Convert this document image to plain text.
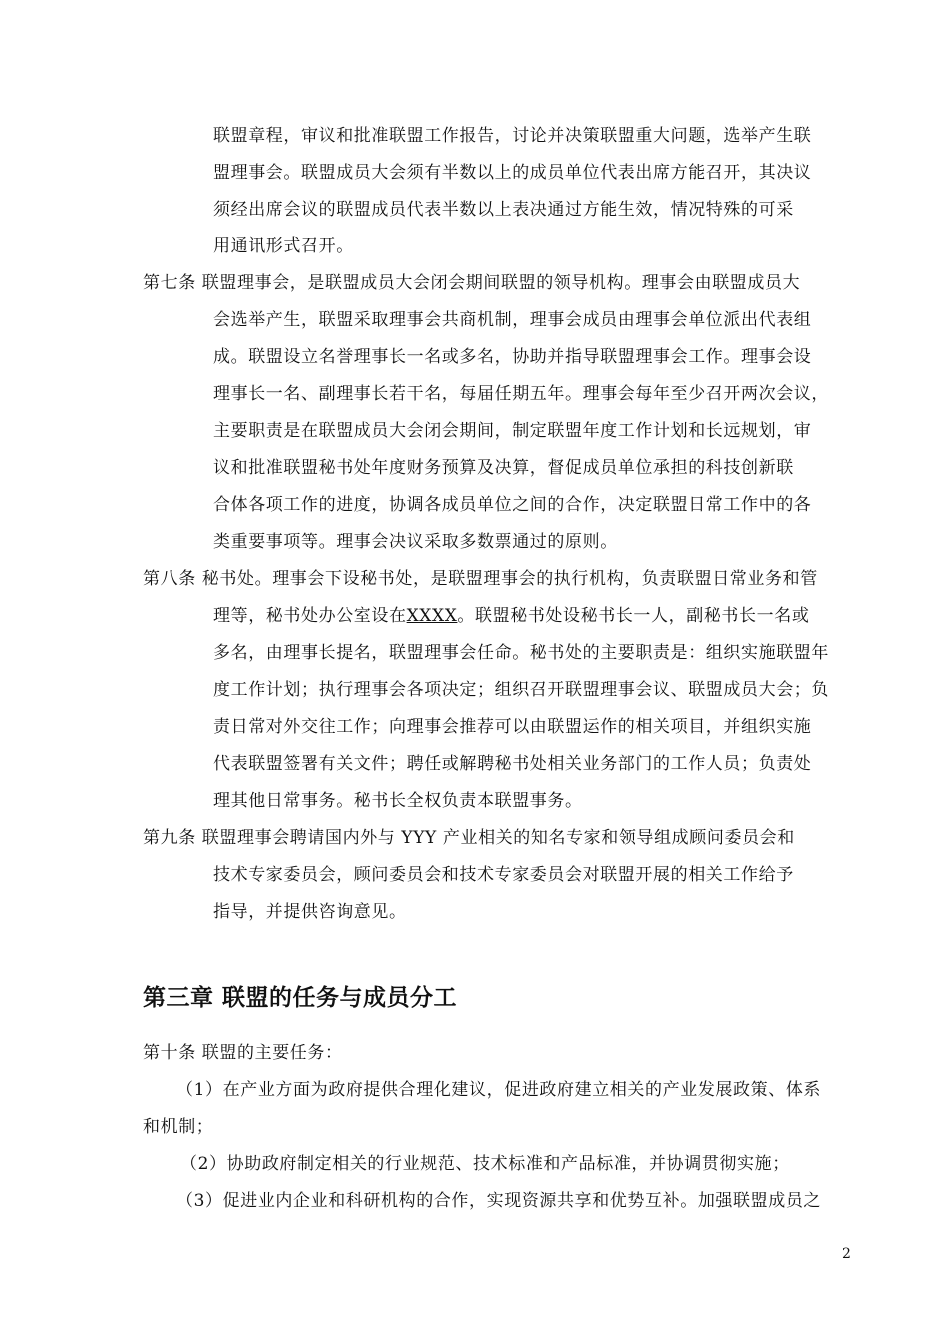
联盟章程，审议和批准联盟工作报告，讨论并决策联盟重大问题，选举产生联
盟理事会。联盟成员大会须有半数以上的成员单位代表出席方能召开，其决议
须经出席会议的联盟成员代表半数以上表决通过方能生效，情况特殊的可采
用通讯形式召开。
第七条 联盟理事会，是联盟成员大会闭会期间联盟的领导机构。理事会由联盟成员大
会选举产生，联盟采取理事会共商机制，理事会成员由理事会单位派出代表组
成。联盟设立名誉理事长一名或多名，协助并指导联盟理事会工作。理事会设
理事长一名、副理事长若干名，每届任期五年。理事会每年至少召开两次会议，
主要职责是在联盟成员大会闭会期间，制定联盟年度工作计划和长远规划，审
议和批准联盟秘书处年度财务预算及决算，督促成员单位承担的科技创新联
合体各项工作的进度，协调各成员单位之间的合作，决定联盟日常工作中的各
类重要事项等。理事会决议采取多数票通过的原则。
第八条 秘书处。理事会下设秘书处，是联盟理事会的执行机构，负责联盟日常业务和管
理等，秘书处办公室设在XXXX。联盟秘书处设秘书长一人，副秘书长一名或
多名，由理事长提名，联盟理事会任命。秘书处的主要职责是：组织实施联盟年
度工作计划；执行理事会各项决定；组织召开联盟理事会议、联盟成员大会；负
责日常对外交往工作；向理事会推荐可以由联盟运作的相关项目，并组织实施
代表联盟签署有关文件；聘任或解聘秘书处相关业务部门的工作人员；负责处
理其他日常事务。秘书长全权负责本联盟事务。
第九条 联盟理事会聘请国内外与 YYY 产业相关的知名专家和领导组成顾问委员会和
技术专家委员会，顾问委员会和技术专家委员会对联盟开展的相关工作给予
指导，并提供咨询意见。
第三章 联盟的任务与成员分工
第十条 联盟的主要任务：
（1）在产业方面为政府提供合理化建议，促进政府建立相关的产业发展政策、体系
和机制；
（2）协助政府制定相关的行业规范、技术标准和产品标准，并协调贯彻实施；
（3）促进业内企业和科研机构的合作，实现资源共享和优势互补。加强联盟成员之
2
